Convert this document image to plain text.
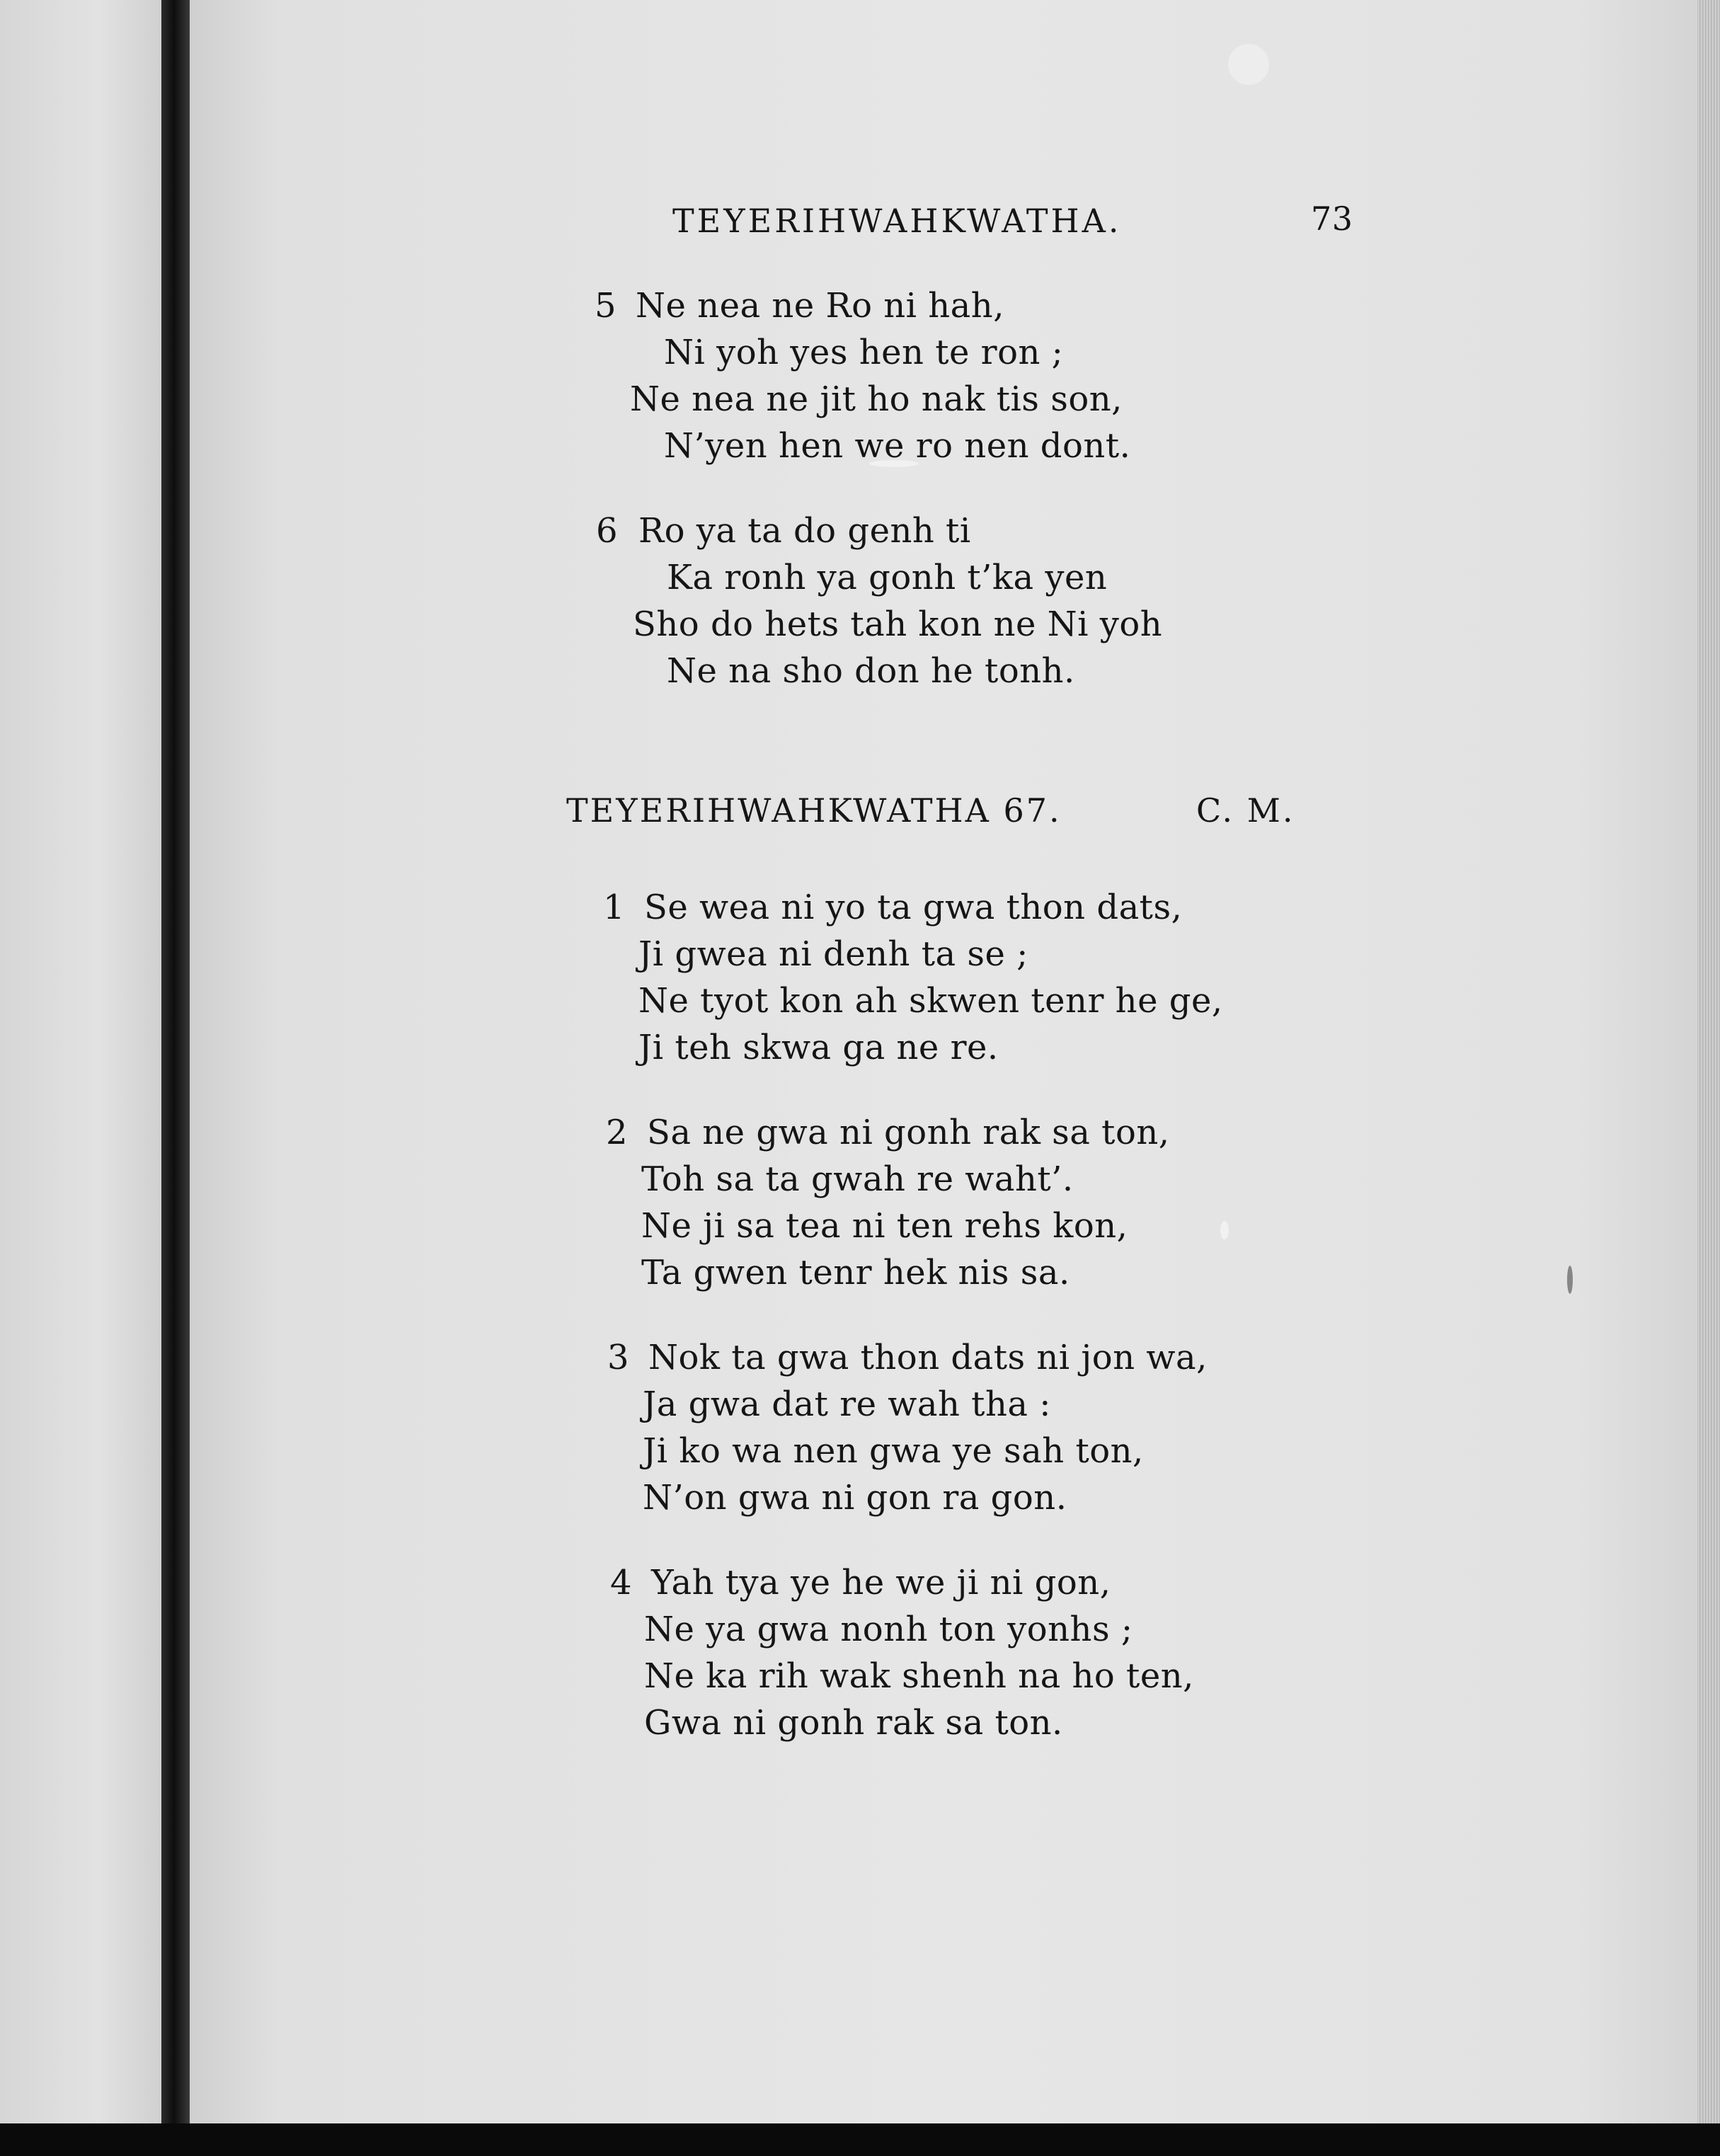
TEYERIHWAHKWATHA.	73
5 Ne nea ne Ro ni hah,
Ni yoh yes hen te ron ;
Ne nea ne jit ho nak tis son,
N’yen hen we ro nen dont.
6 Ro ya ta do genh ti
Ka ronh ya gonh t’ka yen
Sho do hets tah kon ne Ni yoh
Ne na sho don he tonh.
TEYERIHWAHKWATHA 67.	C. M.
1 Se wea ni yo ta gwa thon dats,
Ji gwea ni denh ta se ;
Ne tyot kon ah skwen tenr he ge,
Ji teh skwa ga ne re.
2 Sa ne gwa ni gonh rak sa ton,
Toh sa ta gwah re waht’.
Ne ji sa tea ni ten rehs kon,
Ta gwen tenr hek nis sa.
3 Nok ta gwa thon dats ni jon wa,
Ja gwa dat re wah tha :
Ji ko wa nen gwa ye sah ton,
N’on gwa ni gon ra gon.
4 Yah tya ye he we ji ni gon,
Ne ya gwa nonh ton yonhs ;
Ne ka rih wak shenh na ho ten,
Gwa ni gonh rak sa ton.
